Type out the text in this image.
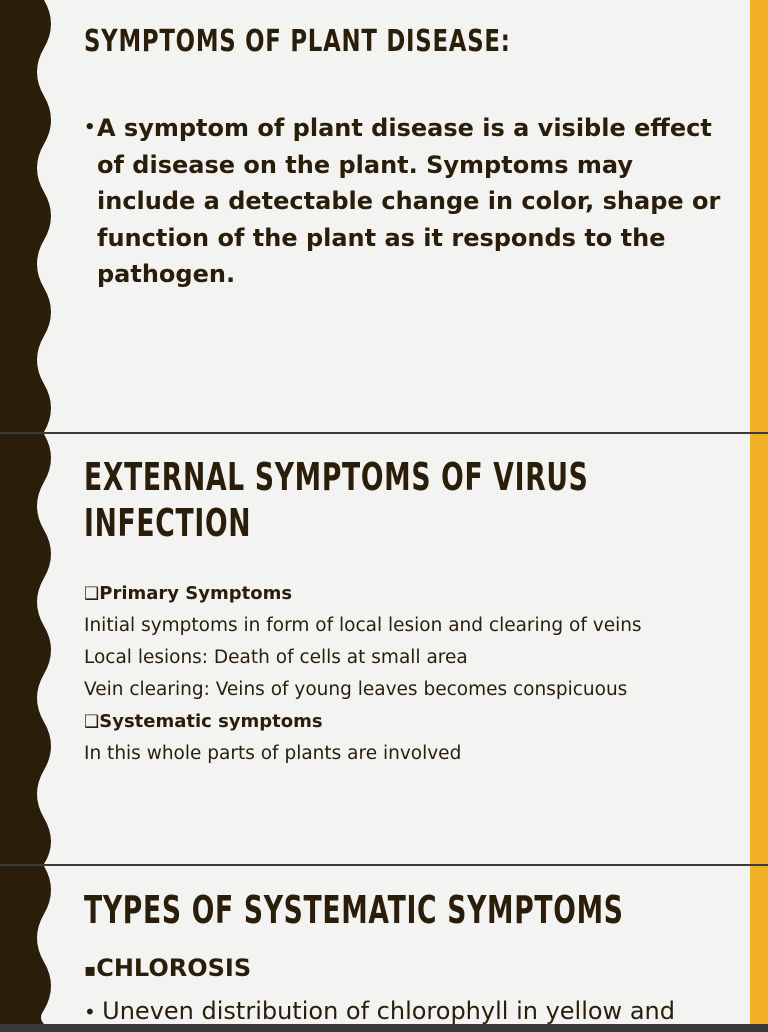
SYMPTOMS OF PLANT DISEASE:
• A symptom of plant disease is a visible effect of disease on the plant. Symptoms may include a detectable change in color, shape or function of the plant as it responds to the pathogen.
EXTERNAL SYMPTOMS OF VIRUS
INFECTION
❑Primary Symptoms
Initial symptoms in form of local lesion and clearing of veins
Local lesions: Death of cells at small area
Vein clearing: Veins of young leaves becomes conspicuous
❑Systematic symptoms
In this whole parts of plants are involved
TYPES OF SYSTEMATIC SYMPTOMS
▪CHLOROSIS
• Uneven distribution of chlorophyll in yellow and
